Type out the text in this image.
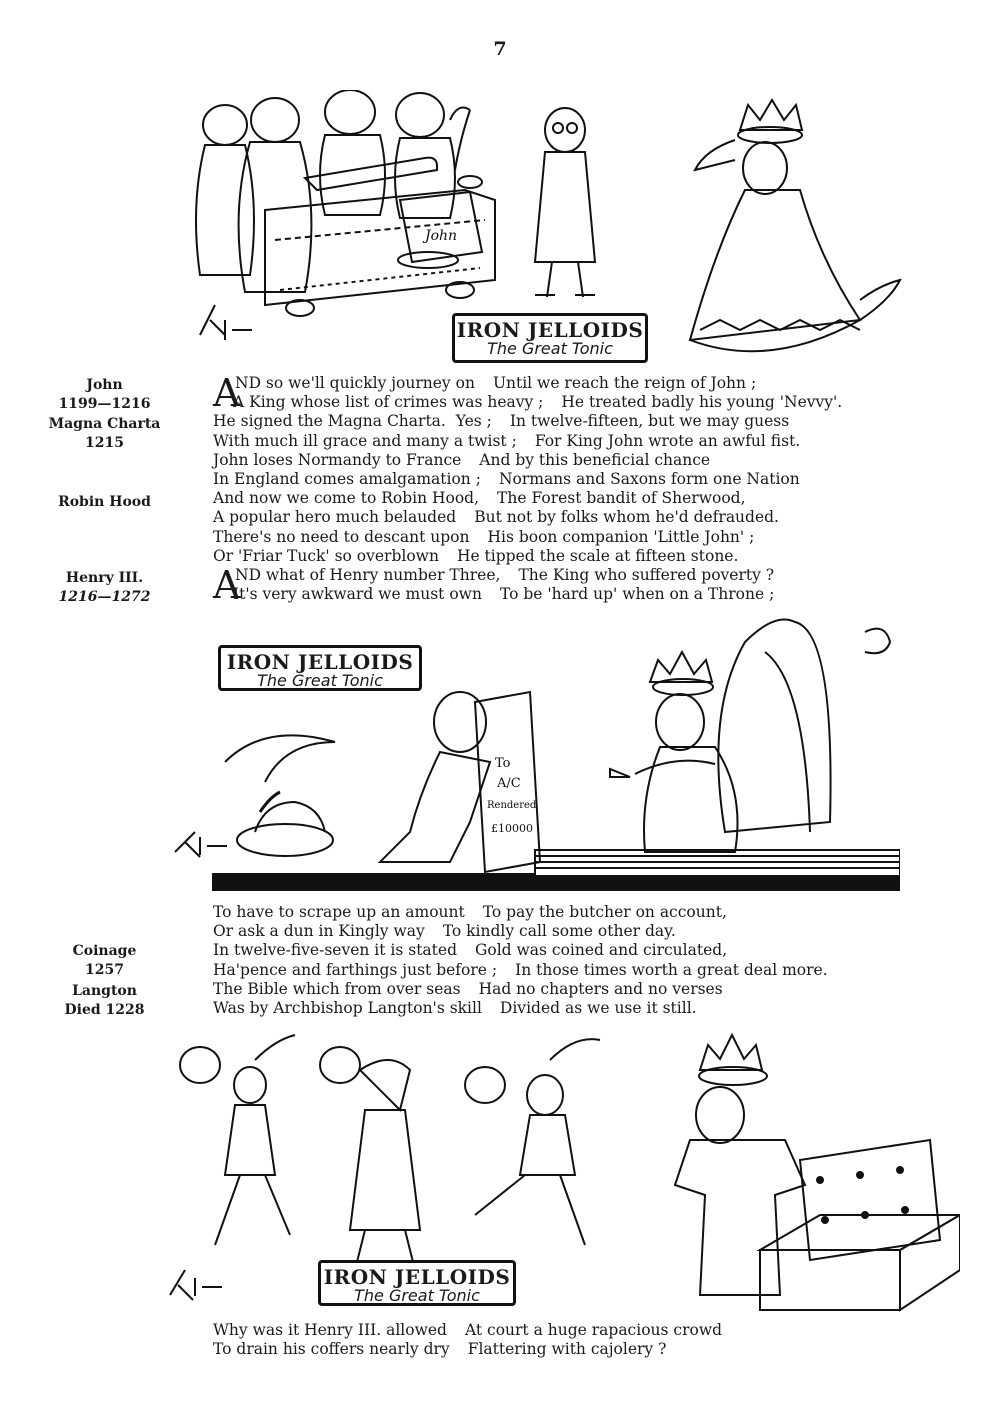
7
John
IRON JELLOIDS
The Great Tonic
John
1199—1216
Magna Charta
1215
Robin Hood
Henry III.
1216—1272
Coinage
1257
Langton
Died 1228
A
ND so we'll quickly journey on Until we reach the reign of John ;
A King whose list of crimes was heavy ; He treated badly his young 'Nevvy'.
He signed the Magna Charta.  Yes ; In twelve-fifteen, but we may guess
With much ill grace and many a twist ; For King John wrote an awful fist.
John loses Normandy to France And by this beneficial chance
In England comes amalgamation ; Normans and Saxons form one Nation
And now we come to Robin Hood, The Forest bandit of Sherwood,
A popular hero much belauded But not by folks whom he'd defrauded.
There's no need to descant upon His boon companion 'Little John' ;
Or 'Friar Tuck' so overblown He tipped the scale at fifteen stone.
A
ND what of Henry number Three, The King who suffered poverty ?
It's very awkward we must own To be 'hard up' when on a Throne ;
To
A/C
Rendered
£10000
IRON JELLOIDS
The Great Tonic
To have to scrape up an amount To pay the butcher on account,
Or ask a dun in Kingly way To kindly call some other day.
In twelve-five-seven it is stated Gold was coined and circulated,
Ha'pence and farthings just before ; In those times worth a great deal more.
The Bible which from over seas Had no chapters and no verses
Was by Archbishop Langton's skill Divided as we use it still.
IRON JELLOIDS
The Great Tonic
Why was it Henry III. allowed At court a huge rapacious crowd
To drain his coffers nearly dry Flattering with cajolery ?
